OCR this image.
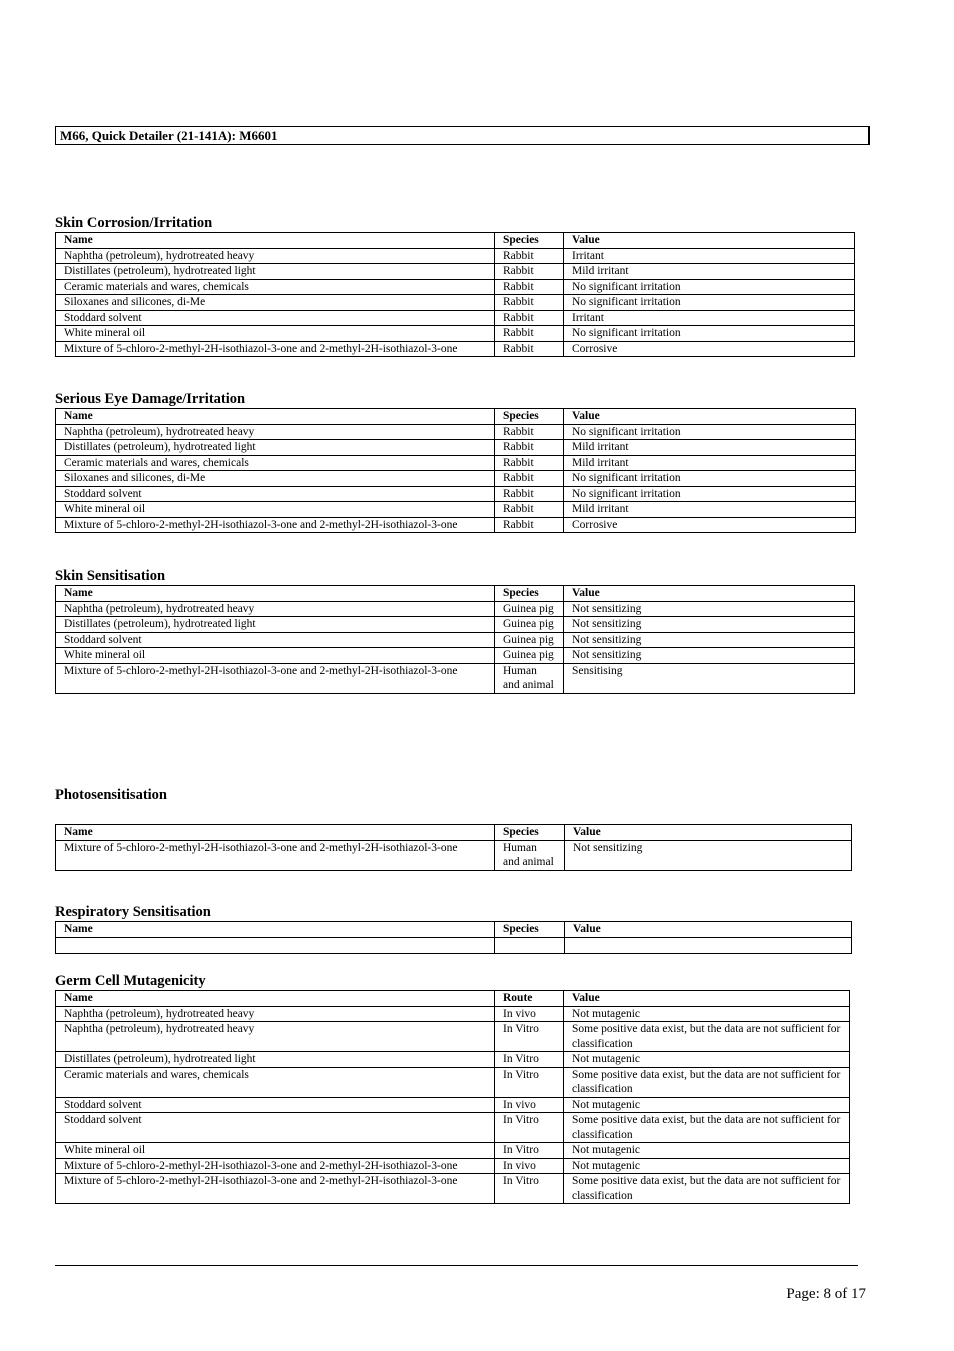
M66, Quick Detailer (21-141A): M6601
Skin Corrosion/Irritation
Name	Species	Value
Naphtha (petroleum), hydrotreated heavy	Rabbit	Irritant
Distillates (petroleum), hydrotreated light	Rabbit	Mild irritant
Ceramic materials and wares, chemicals	Rabbit	No significant irritation
Siloxanes and silicones, di-Me	Rabbit	No significant irritation
Stoddard solvent	Rabbit	Irritant
White mineral oil	Rabbit	No significant irritation
Mixture of 5-chloro-2-methyl-2H-isothiazol-3-one and 2-methyl-2H-isothiazol-3-one	Rabbit	Corrosive
Serious Eye Damage/Irritation
Name	Species	Value
Naphtha (petroleum), hydrotreated heavy	Rabbit	No significant irritation
Distillates (petroleum), hydrotreated light	Rabbit	Mild irritant
Ceramic materials and wares, chemicals	Rabbit	Mild irritant
Siloxanes and silicones, di-Me	Rabbit	No significant irritation
Stoddard solvent	Rabbit	No significant irritation
White mineral oil	Rabbit	Mild irritant
Mixture of 5-chloro-2-methyl-2H-isothiazol-3-one and 2-methyl-2H-isothiazol-3-one	Rabbit	Corrosive
Skin Sensitisation
Name	Species	Value
Naphtha (petroleum), hydrotreated heavy	Guinea pig	Not sensitizing
Distillates (petroleum), hydrotreated light	Guinea pig	Not sensitizing
Stoddard solvent	Guinea pig	Not sensitizing
White mineral oil	Guinea pig	Not sensitizing
Mixture of 5-chloro-2-methyl-2H-isothiazol-3-one and 2-methyl-2H-isothiazol-3-one	Human and animal	Sensitising
Photosensitisation
Name	Species	Value
Mixture of 5-chloro-2-methyl-2H-isothiazol-3-one and 2-methyl-2H-isothiazol-3-one	Human and animal	Not sensitizing
Respiratory Sensitisation
Name	Species	Value

Germ Cell Mutagenicity
Name	Route	Value
Naphtha (petroleum), hydrotreated heavy	In vivo	Not mutagenic
Naphtha (petroleum), hydrotreated heavy	In Vitro	Some positive data exist, but the data are not sufficient for classification
Distillates (petroleum), hydrotreated light	In Vitro	Not mutagenic
Ceramic materials and wares, chemicals	In Vitro	Some positive data exist, but the data are not sufficient for classification
Stoddard solvent	In vivo	Not mutagenic
Stoddard solvent	In Vitro	Some positive data exist, but the data are not sufficient for classification
White mineral oil	In Vitro	Not mutagenic
Mixture of 5-chloro-2-methyl-2H-isothiazol-3-one and 2-methyl-2H-isothiazol-3-one	In vivo	Not mutagenic
Mixture of 5-chloro-2-methyl-2H-isothiazol-3-one and 2-methyl-2H-isothiazol-3-one	In Vitro	Some positive data exist, but the data are not sufficient for classification
Page: 8 of 17
